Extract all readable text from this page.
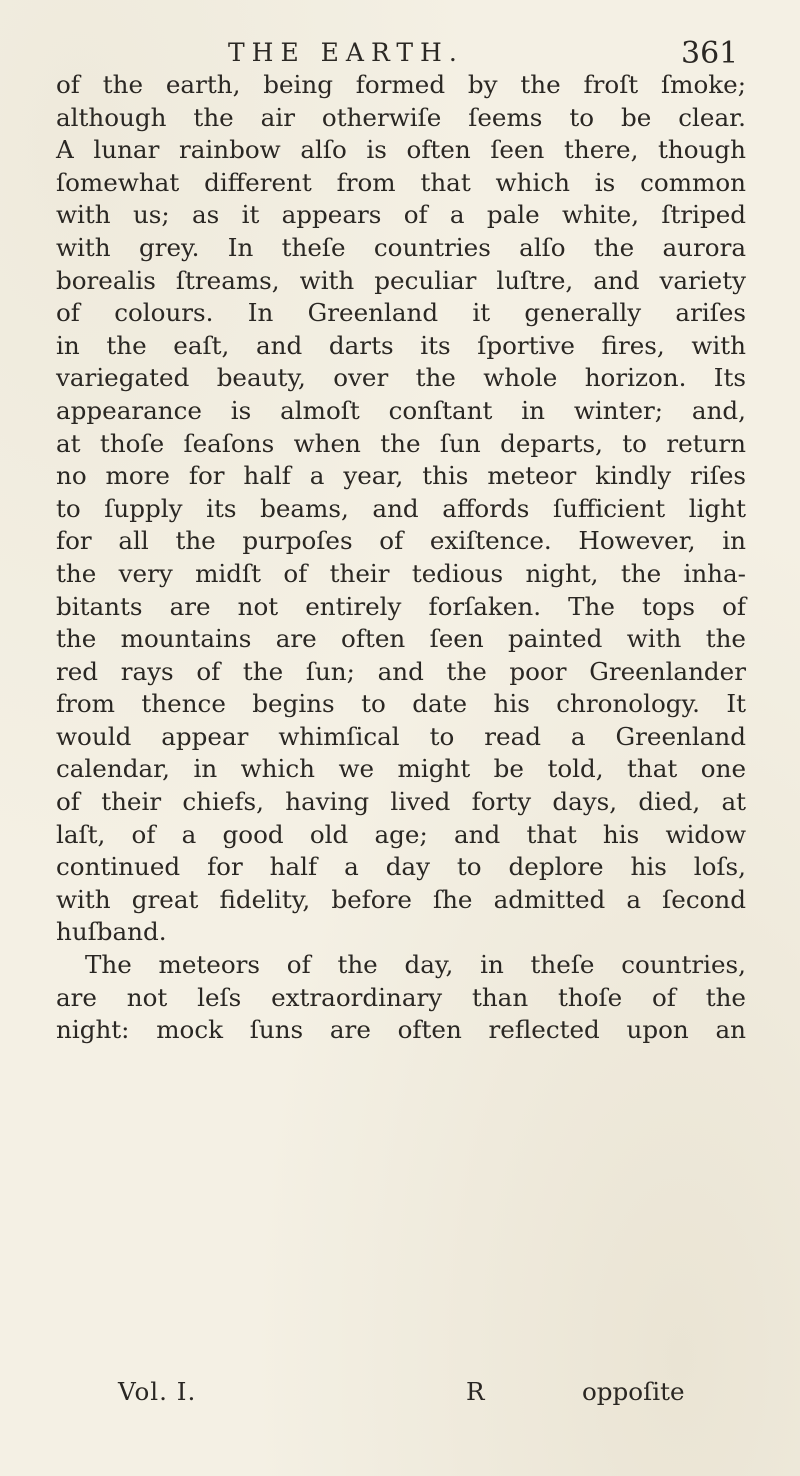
THE EARTH.	361
of the earth, being formed by the froſt ſmoke;
although the air otherwiſe ſeems to be clear.
A lunar rainbow alſo is often ſeen there, though
ſomewhat different from that which is common
with us; as it appears of a pale white, ſtriped
with grey. In theſe countries alſo the aurora
borealis ſtreams, with peculiar luſtre, and variety
of colours. In Greenland it generally ariſes
in the eaſt, and darts its ſportive fires, with
variegated beauty, over the whole horizon. Its
appearance is almoſt conſtant in winter; and,
at thoſe ſeaſons when the ſun departs, to return
no more for half a year, this meteor kindly riſes
to ſupply its beams, and affords ſufficient light
for all the purpoſes of exiſtence. However, in
the very midſt of their tedious night, the inha-
bitants are not entirely forſaken. The tops of
the mountains are often ſeen painted with the
red rays of the ſun; and the poor Greenlander
from thence begins to date his chronology. It
would appear whimſical to read a Greenland
calendar, in which we might be told, that one
of their chiefs, having lived forty days, died, at
laſt, of a good old age; and that his widow
continued for half a day to deplore his loſs,
with great fidelity, before ſhe admitted a ſecond
huſband.
The meteors of the day, in theſe countries,
are not leſs extraordinary than thoſe of the
night: mock ſuns are often reflected upon an
Vol. I.	R	oppoſite
